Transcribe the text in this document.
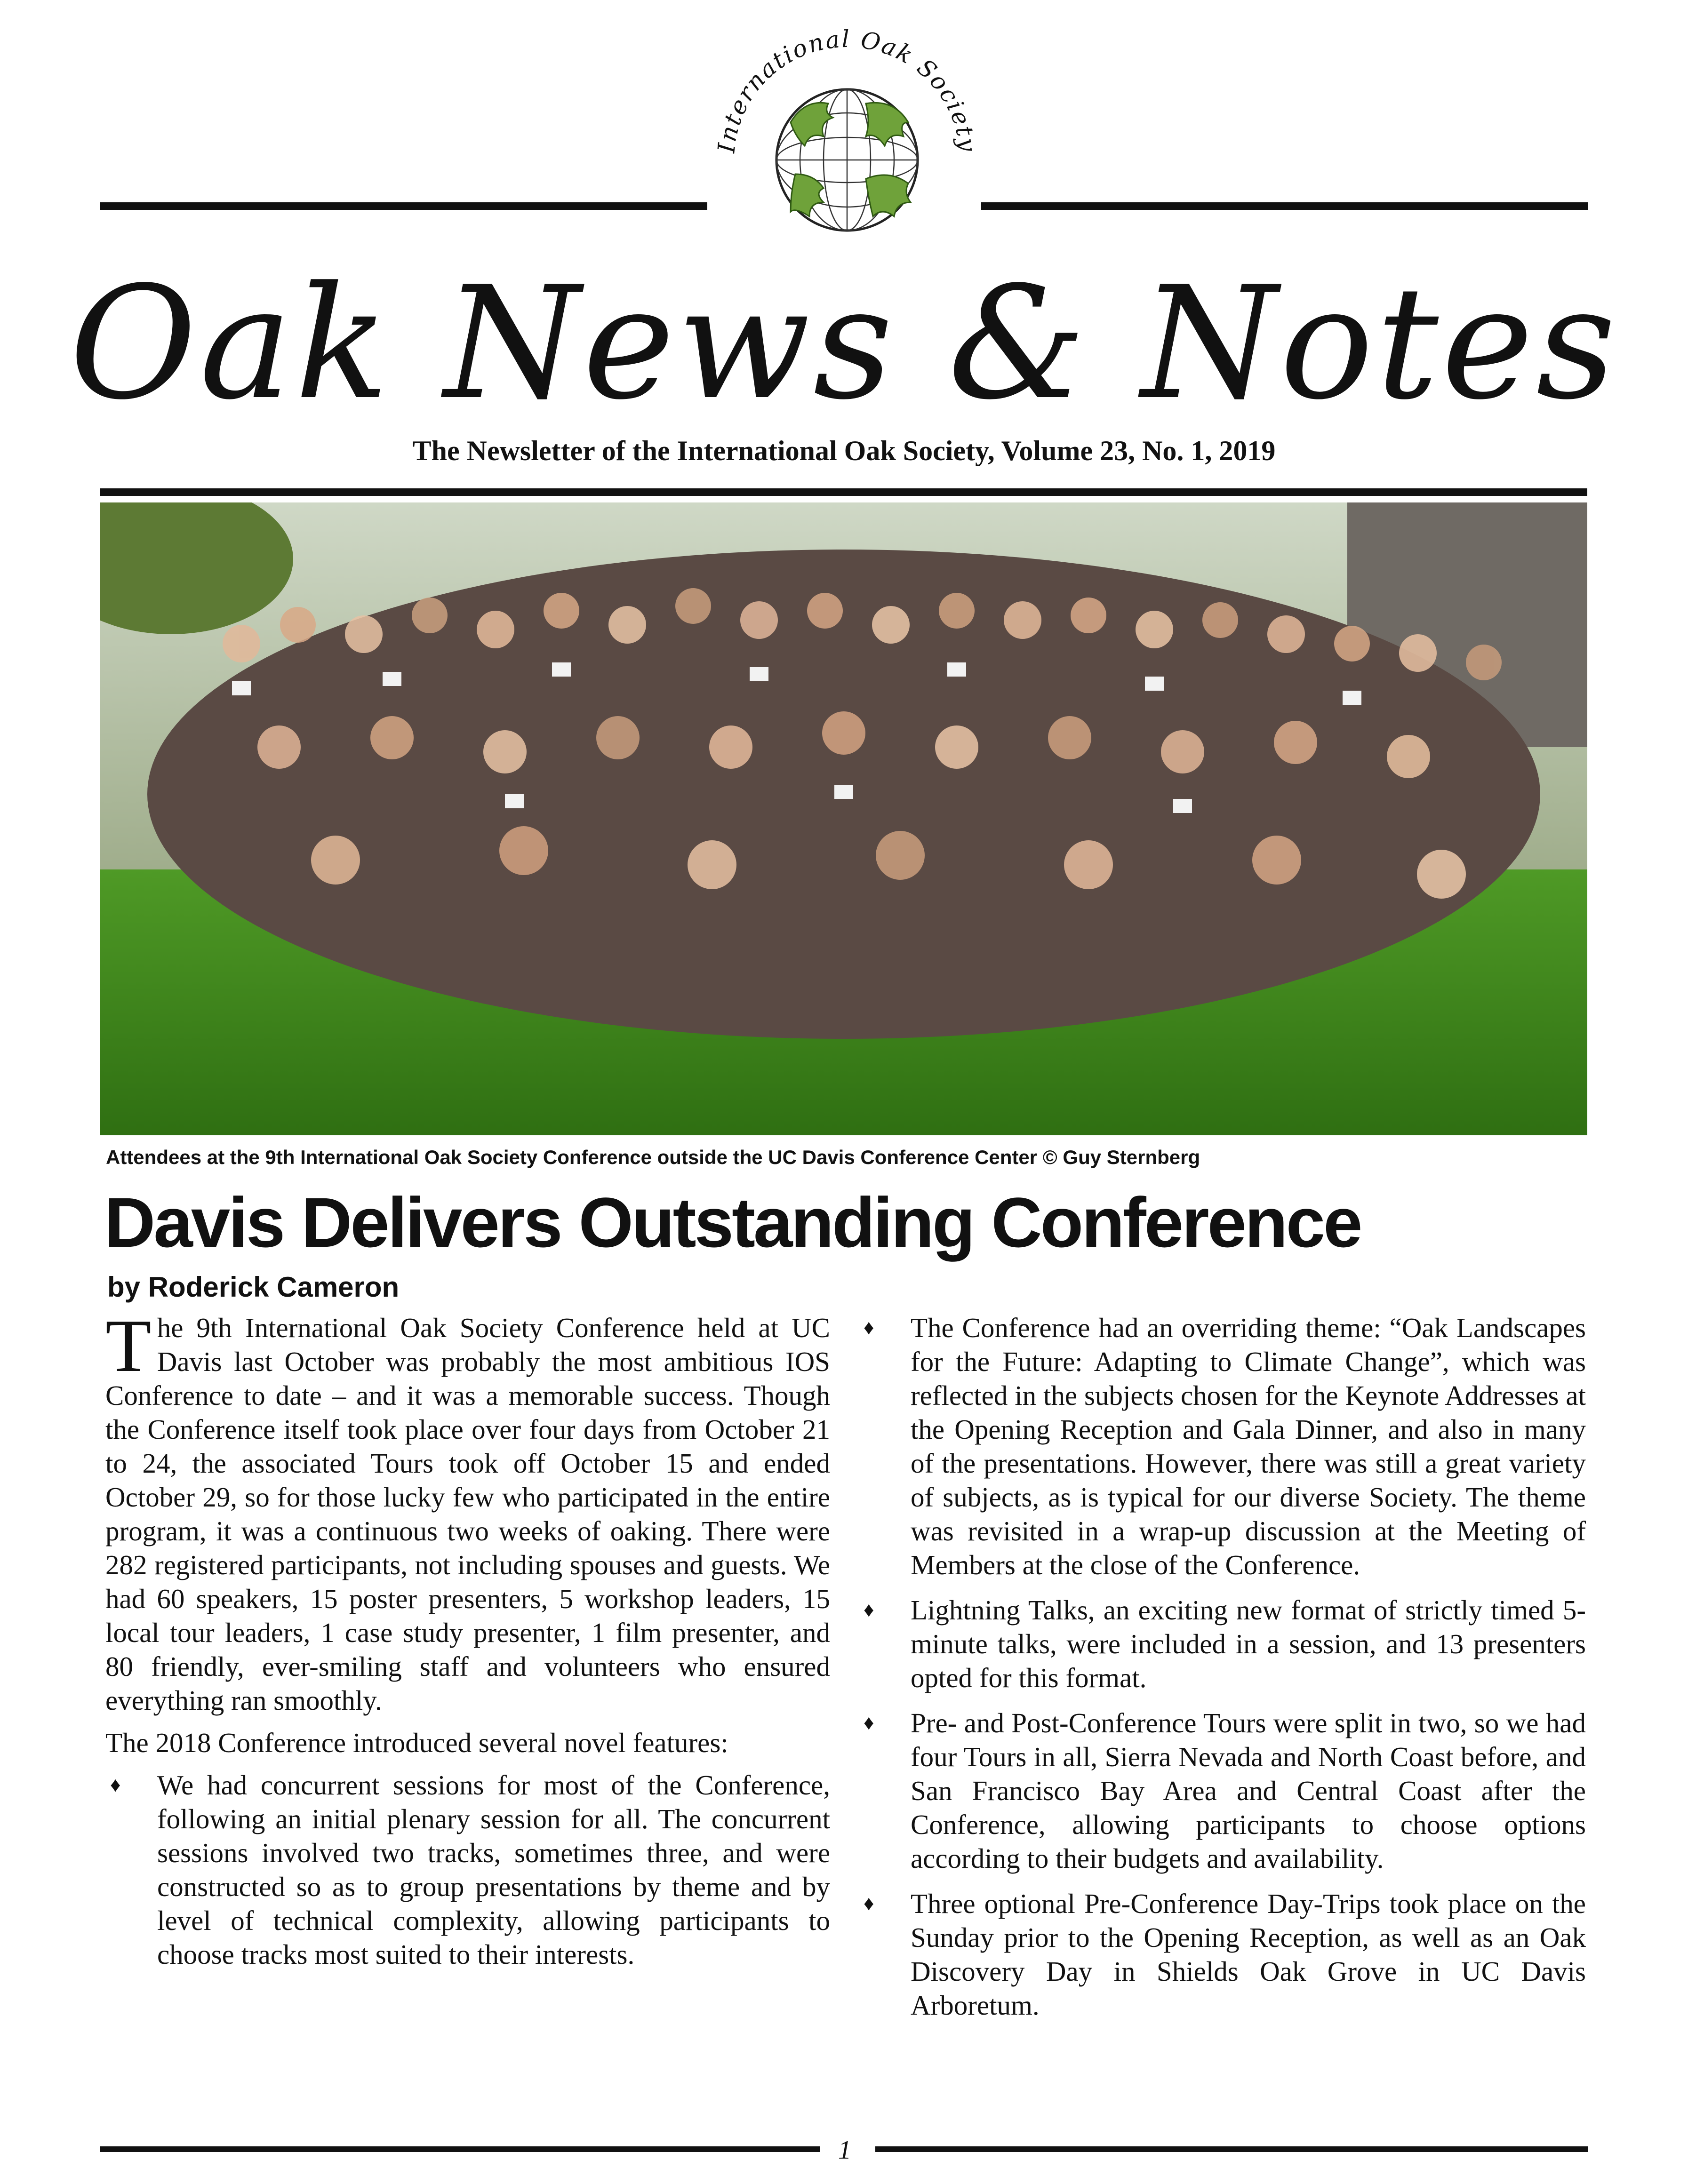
International Oak Society
Oak News & Notes
The Newsletter of the International Oak Society, Volume 23, No. 1, 2019
Attendees at the 9th International Oak Society Conference outside the UC Davis Conference Center © Guy Sternberg
Davis Delivers Outstanding Conference
by Roderick Cameron

The 9th International Oak Society Conference held at UC Davis last October was probably the most ambitious IOS Conference to date – and it was a memorable success. Though the Conference itself took place over four days from October 21 to 24, the associated Tours took off October 15 and ended October 29, so for those lucky few who participated in the entire program, it was a continuous two weeks of oaking. There were 282 registered participants, not including spouses and guests. We had 60 speakers, 15 poster presenters, 5 workshop leaders, 15 local tour leaders, 1 case study presenter, 1 film presenter, and 80 friendly, ever-smiling staff and volunteers who ensured everything ran smoothly.

The 2018 Conference introduced several novel features:

♦ We had concurrent sessions for most of the Conference, following an initial plenary session for all. The concurrent sessions involved two tracks, sometimes three, and were constructed so as to group presentations by theme and by level of technical complexity, allowing participants to choose tracks most suited to their interests.
♦ The Conference had an overriding theme: “Oak Landscapes for the Future: Adapting to Climate Change”, which was reflected in the subjects chosen for the Keynote Addresses at the Opening Reception and Gala Dinner, and also in many of the presentations. However, there was still a great variety of subjects, as is typical for our diverse Society. The theme was revisited in a wrap-up discussion at the Meeting of Members at the close of the Conference.
♦ Lightning Talks, an exciting new format of strictly timed 5-minute talks, were included in a session, and 13 presenters opted for this format.
♦ Pre- and Post-Conference Tours were split in two, so we had four Tours in all, Sierra Nevada and North Coast before, and San Francisco Bay Area and Central Coast after the Conference, allowing participants to choose options according to their budgets and availability.
♦ Three optional Pre-Conference Day-Trips took place on the Sunday prior to the Opening Reception, as well as an Oak Discovery Day in Shields Oak Grove in UC Davis Arboretum.
1
